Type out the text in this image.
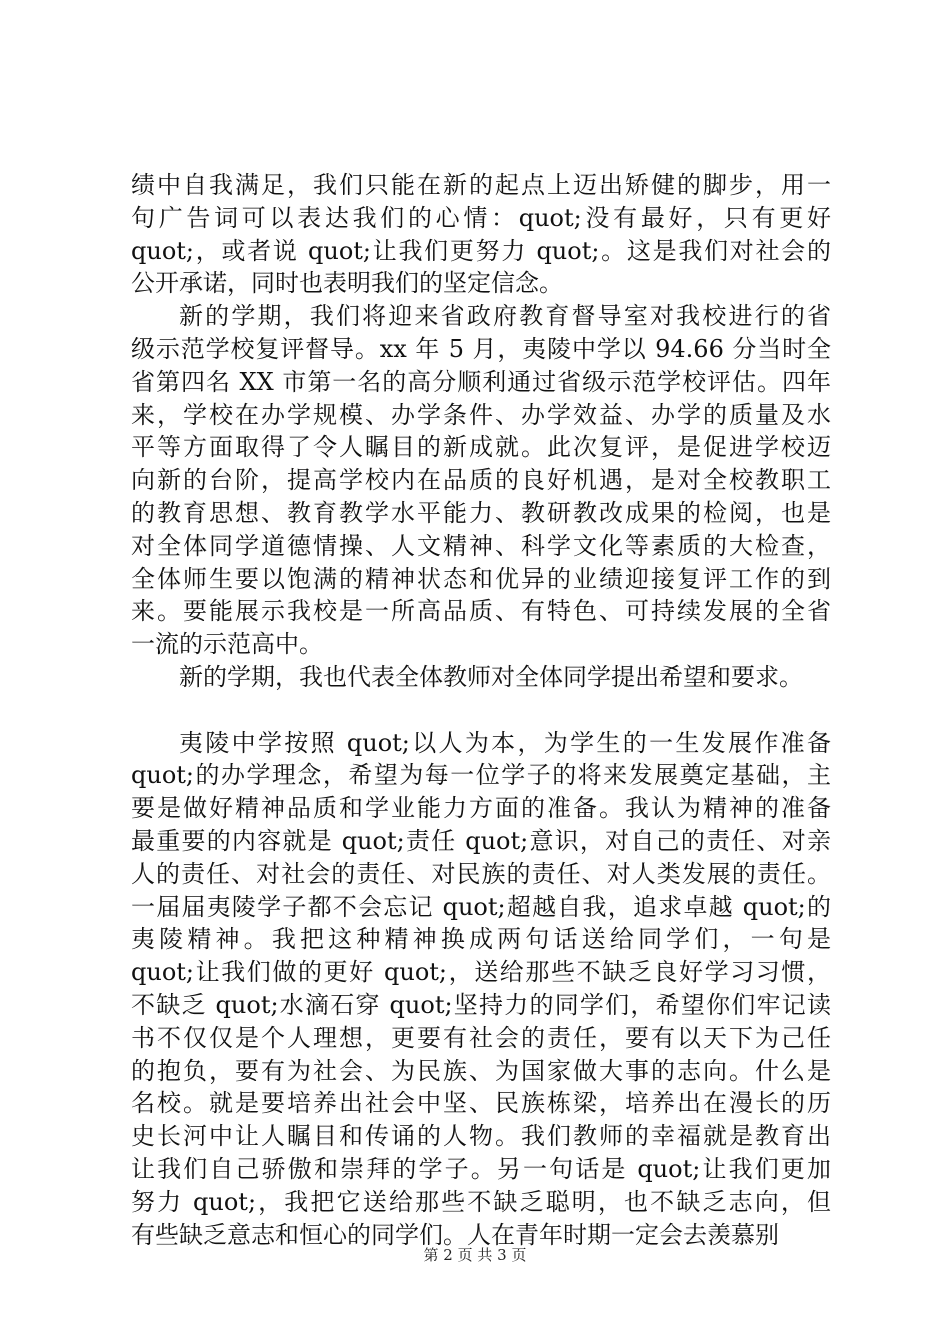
绩中自我满足，我们只能在新的起点上迈出矫健的脚步，用一
句广告词可以表达我们的心情：quot;没有最好，只有更好
quot;，或者说 quot;让我们更努力 quot;。这是我们对社会的
公开承诺，同时也表明我们的坚定信念。
新的学期，我们将迎来省政府教育督导室对我校进行的省
级示范学校复评督导。xx 年 5 月，夷陵中学以 94.66 分当时全
省第四名 XX 市第一名的高分顺利通过省级示范学校评估。四年
来，学校在办学规模、办学条件、办学效益、办学的质量及水
平等方面取得了令人瞩目的新成就。此次复评，是促进学校迈
向新的台阶，提高学校内在品质的良好机遇，是对全校教职工
的教育思想、教育教学水平能力、教研教改成果的检阅，也是
对全体同学道德情操、人文精神、科学文化等素质的大检查，
全体师生要以饱满的精神状态和优异的业绩迎接复评工作的到
来。要能展示我校是一所高品质、有特色、可持续发展的全省
一流的示范高中。
新的学期，我也代表全体教师对全体同学提出希望和要求。
夷陵中学按照 quot;以人为本，为学生的一生发展作准备
quot;的办学理念，希望为每一位学子的将来发展奠定基础，主
要是做好精神品质和学业能力方面的准备。我认为精神的准备
最重要的内容就是 quot;责任 quot;意识，对自己的责任、对亲
人的责任、对社会的责任、对民族的责任、对人类发展的责任。
一届届夷陵学子都不会忘记 quot;超越自我，追求卓越 quot;的
夷陵精神。我把这种精神换成两句话送给同学们，一句是
quot;让我们做的更好 quot;，送给那些不缺乏良好学习习惯，
不缺乏 quot;水滴石穿 quot;坚持力的同学们，希望你们牢记读
书不仅仅是个人理想，更要有社会的责任，要有以天下为己任
的抱负，要有为社会、为民族、为国家做大事的志向。什么是
名校。就是要培养出社会中坚、民族栋梁，培养出在漫长的历
史长河中让人瞩目和传诵的人物。我们教师的幸福就是教育出
让我们自己骄傲和崇拜的学子。另一句话是 quot;让我们更加
努力 quot;，我把它送给那些不缺乏聪明，也不缺乏志向，但
有些缺乏意志和恒心的同学们。人在青年时期一定会去羡慕别
第 2 页 共 3 页
